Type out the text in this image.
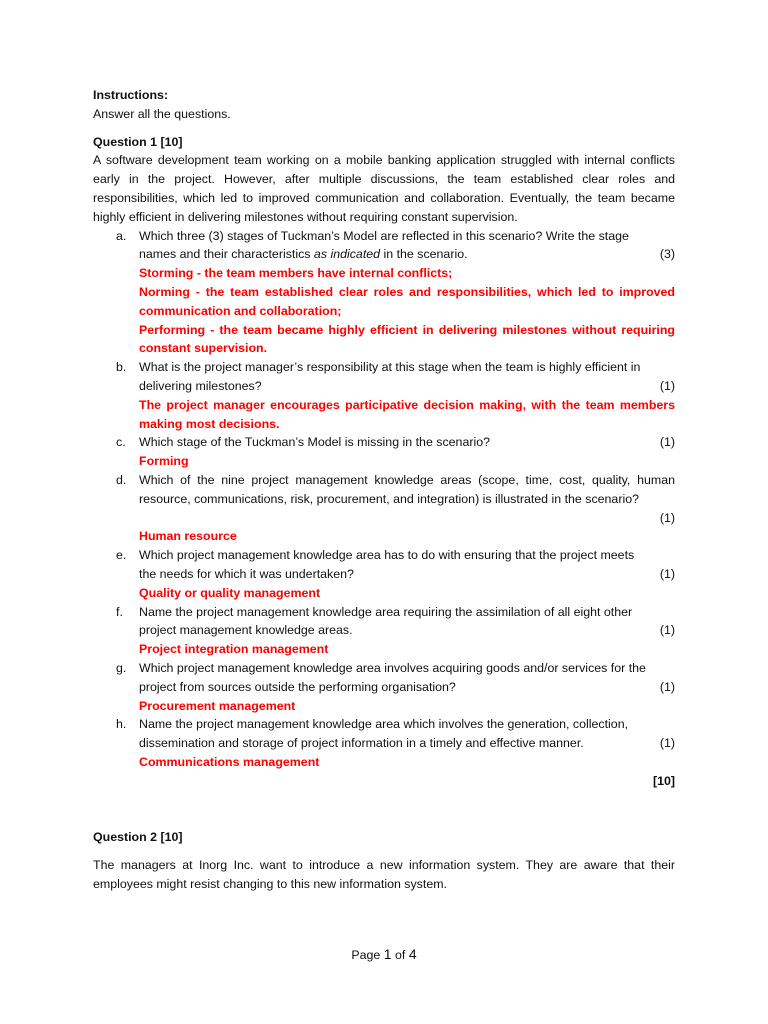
Instructions:
Answer all the questions.
Question 1 [10]
A software development team working on a mobile banking application struggled with internal conflicts early in the project. However, after multiple discussions, the team established clear roles and responsibilities, which led to improved communication and collaboration. Eventually, the team became highly efficient in delivering milestones without requiring constant supervision.
a. Which three (3) stages of Tuckman’s Model are reflected in this scenario? Write the stage
names and their characteristics as indicated in the scenario.	(3)
Storming - the team members have internal conflicts;
Norming - the team established clear roles and responsibilities, which led to improved communication and collaboration;
Performing - the team became highly efficient in delivering milestones without requiring constant supervision.
b. What is the project manager’s responsibility at this stage when the team is highly efficient in
delivering milestones?	(1)
The project manager encourages participative decision making, with the team members making most decisions.
c. Which stage of the Tuckman’s Model is missing in the scenario?	(1)
Forming
d. Which of the nine project management knowledge areas (scope, time, cost, quality, human resource, communications, risk, procurement, and integration) is illustrated in the scenario?
(1)
Human resource
e. Which project management knowledge area has to do with ensuring that the project meets
the needs for which it was undertaken?	(1)
Quality or quality management
f. Name the project management knowledge area requiring the assimilation of all eight other
project management knowledge areas.	(1)
Project integration management
g. Which project management knowledge area involves acquiring goods and/or services for the
project from sources outside the performing organisation?	(1)
Procurement management
h. Name the project management knowledge area which involves the generation, collection,
dissemination and storage of project information in a timely and effective manner.	(1)
Communications management
[10]
Question 2 [10]
The managers at Inorg Inc. want to introduce a new information system. They are aware that their employees might resist changing to this new information system.
Page 1 of 4
